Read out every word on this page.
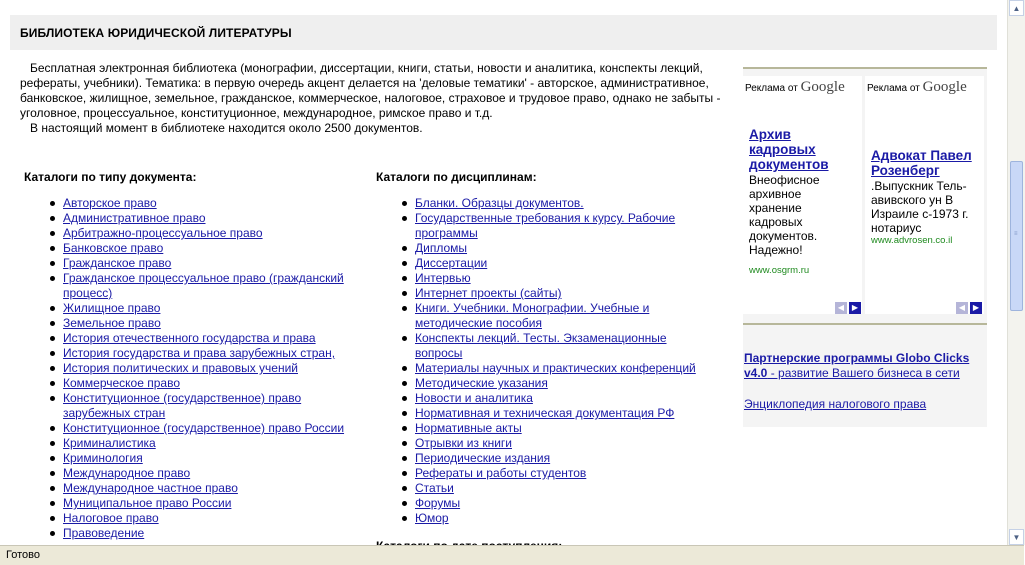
БИБЛИОТЕКА ЮРИДИЧЕСКОЙ ЛИТЕРАТУРЫ
Бесплатная электронная библиотека (монографии, диссертации, книги, статьи, новости и аналитика, конспекты лекций, рефераты, учебники). Тематика: в первую очередь акцент делается на 'деловые тематики' - авторское, административное, банковское, жилищное, земельное, гражданское, коммерческое, налоговое, страховое и трудовое право, однако не забыты - уголовное, процессуальное, конституционное, международное, римское право и т.д.
В настоящий момент в библиотеке находится около 2500 документов.
Каталоги по типу документа:
Авторское право
Административное право
Арбитражно-процессуальное право
Банковское право
Гражданское право
Гражданское процессуальное право (гражданский процесс)
Жилищное право
Земельное право
История отечественного государства и права
История государства и права зарубежных стран,
История политических и правовых учений
Коммерческое право
Конституционное (государственное) право зарубежных стран
Конституционное (государственное) право России
Криминалистика
Криминология
Международное право
Международное частное право
Муниципальное право России
Налоговое право
Правоведение
Каталоги по дисциплинам:
Бланки. Образцы документов.
Государственные требования к курсу. Рабочие программы
Дипломы
Диссертации
Интервью
Интернет проекты (сайты)
Книги. Учебники. Монографии. Учебные и методические пособия
Конспекты лекций. Тесты. Экзаменационные вопросы
Материалы научных и практических конференций
Методические указания
Новости и аналитика
Нормативная и техническая документация РФ
Нормативные акты
Отрывки из книги
Периодические издания
Рефераты и работы студентов
Статьи
Форумы
Юмор
Реклама от Google
Архив кадровых документов
Внеофисное архивное хранение кадровых документов. Надежно!
www.osgrm.ru
◀ ▶
Реклама от Google
Адвокат Павел Розенберг
.Выпускник Тель-авивского ун В Израиле с-1973 г. нотариус
www.advrosen.co.il
◀ ▶
Партнерские программы Globo Clicks v4.0 - развитие Вашего бизнеса в сети
Энциклопедия налогового права
▲
≡
▼
Готово
